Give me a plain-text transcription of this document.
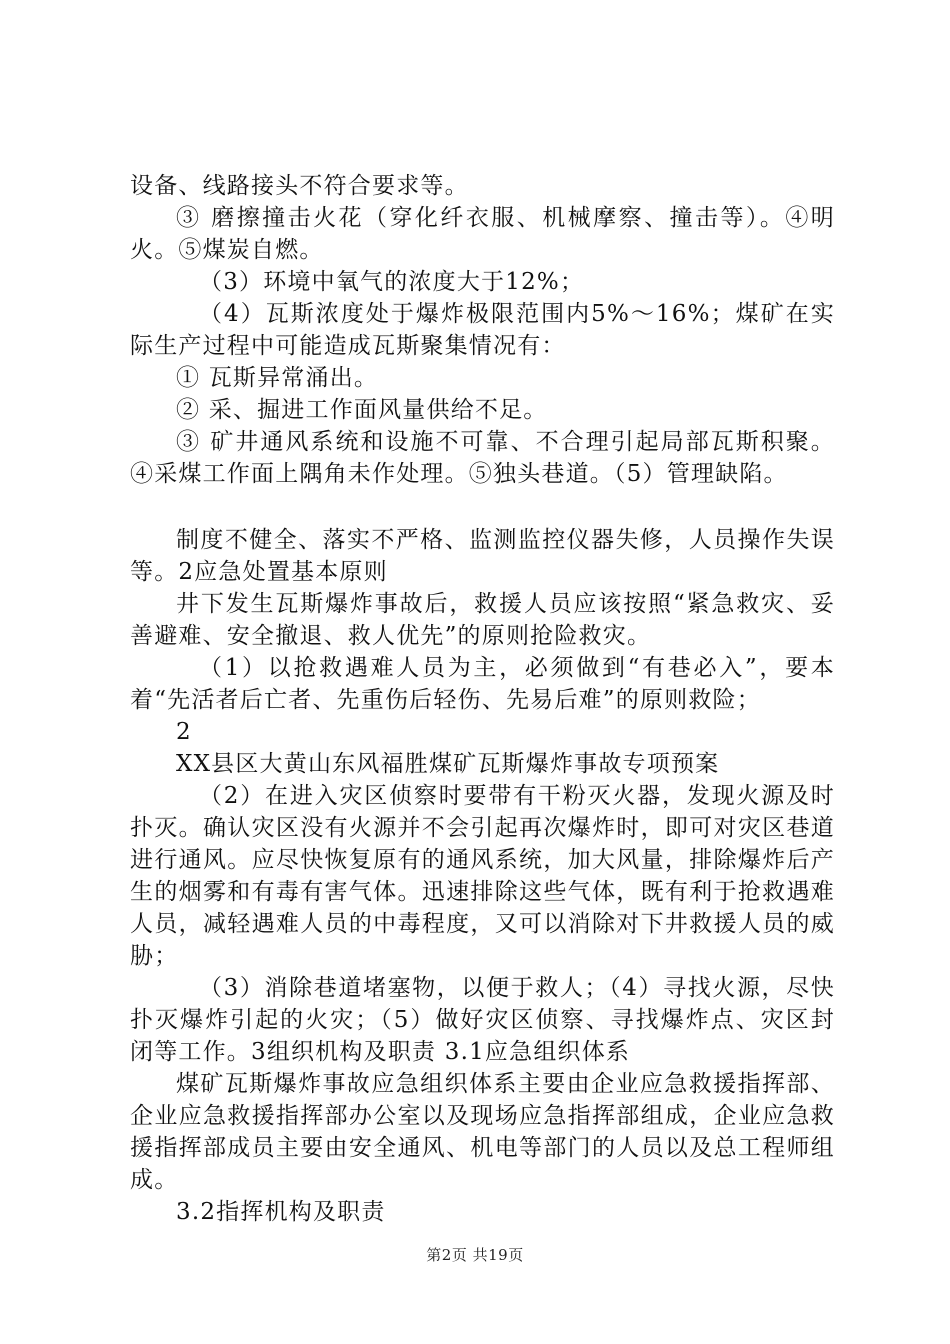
设备、线路接头不符合要求等。

③ 磨擦撞击火花（穿化纤衣服、机械摩察、撞击等）。④明火。⑤煤炭自燃。

（3）环境中氧气的浓度大于12%；

（4）瓦斯浓度处于爆炸极限范围内5%～16%；煤矿在实际生产过程中可能造成瓦斯聚集情况有：

① 瓦斯异常涌出。

② 采、掘进工作面风量供给不足。

③ 矿井通风系统和设施不可靠、不合理引起局部瓦斯积聚。④采煤工作面上隅角未作处理。⑤独头巷道。（5）管理缺陷。

制度不健全、落实不严格、监测监控仪器失修，人员操作失误等。2应急处置基本原则

井下发生瓦斯爆炸事故后，救援人员应该按照“紧急救灾、妥善避难、安全撤退、救人优先”的原则抢险救灾。

（1）以抢救遇难人员为主，必须做到“有巷必入”，要本着“先活者后亡者、先重伤后轻伤、先易后难”的原则救险；

2

XX县区大黄山东风福胜煤矿瓦斯爆炸事故专项预案

（2）在进入灾区侦察时要带有干粉灭火器，发现火源及时扑灭。确认灾区没有火源并不会引起再次爆炸时，即可对灾区巷道进行通风。应尽快恢复原有的通风系统，加大风量，排除爆炸后产生的烟雾和有毒有害气体。迅速排除这些气体，既有利于抢救遇难人员，减轻遇难人员的中毒程度，又可以消除对下井救援人员的威胁；

（3）消除巷道堵塞物，以便于救人；（4）寻找火源，尽快扑灭爆炸引起的火灾；（5）做好灾区侦察、寻找爆炸点、灾区封闭等工作。3组织机构及职责 3.1应急组织体系

煤矿瓦斯爆炸事故应急组织体系主要由企业应急救援指挥部、企业应急救援指挥部办公室以及现场应急指挥部组成，企业应急救援指挥部成员主要由安全通风、机电等部门的人员以及总工程师组成。

3.2指挥机构及职责

第2页 共19页
